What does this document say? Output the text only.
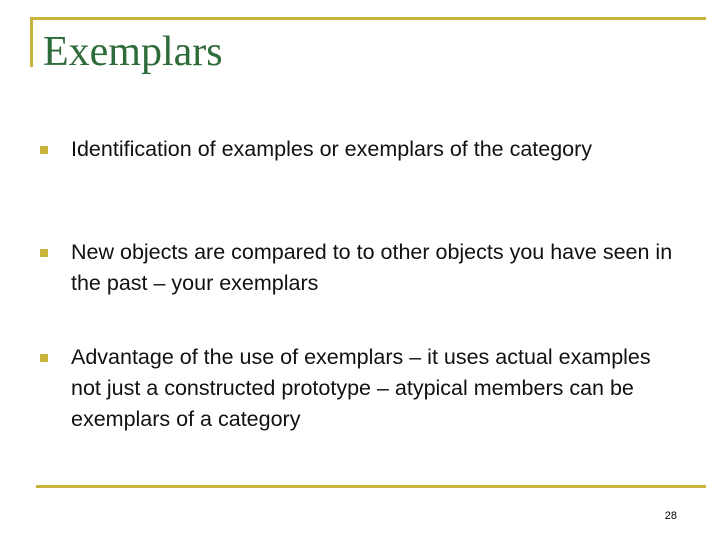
Exemplars
Identification of examples or exemplars of the category
New objects are compared to to other objects you have seen in the past – your exemplars
Advantage of the use of exemplars – it uses actual examples not just a constructed prototype – atypical members can be exemplars of a category
28
